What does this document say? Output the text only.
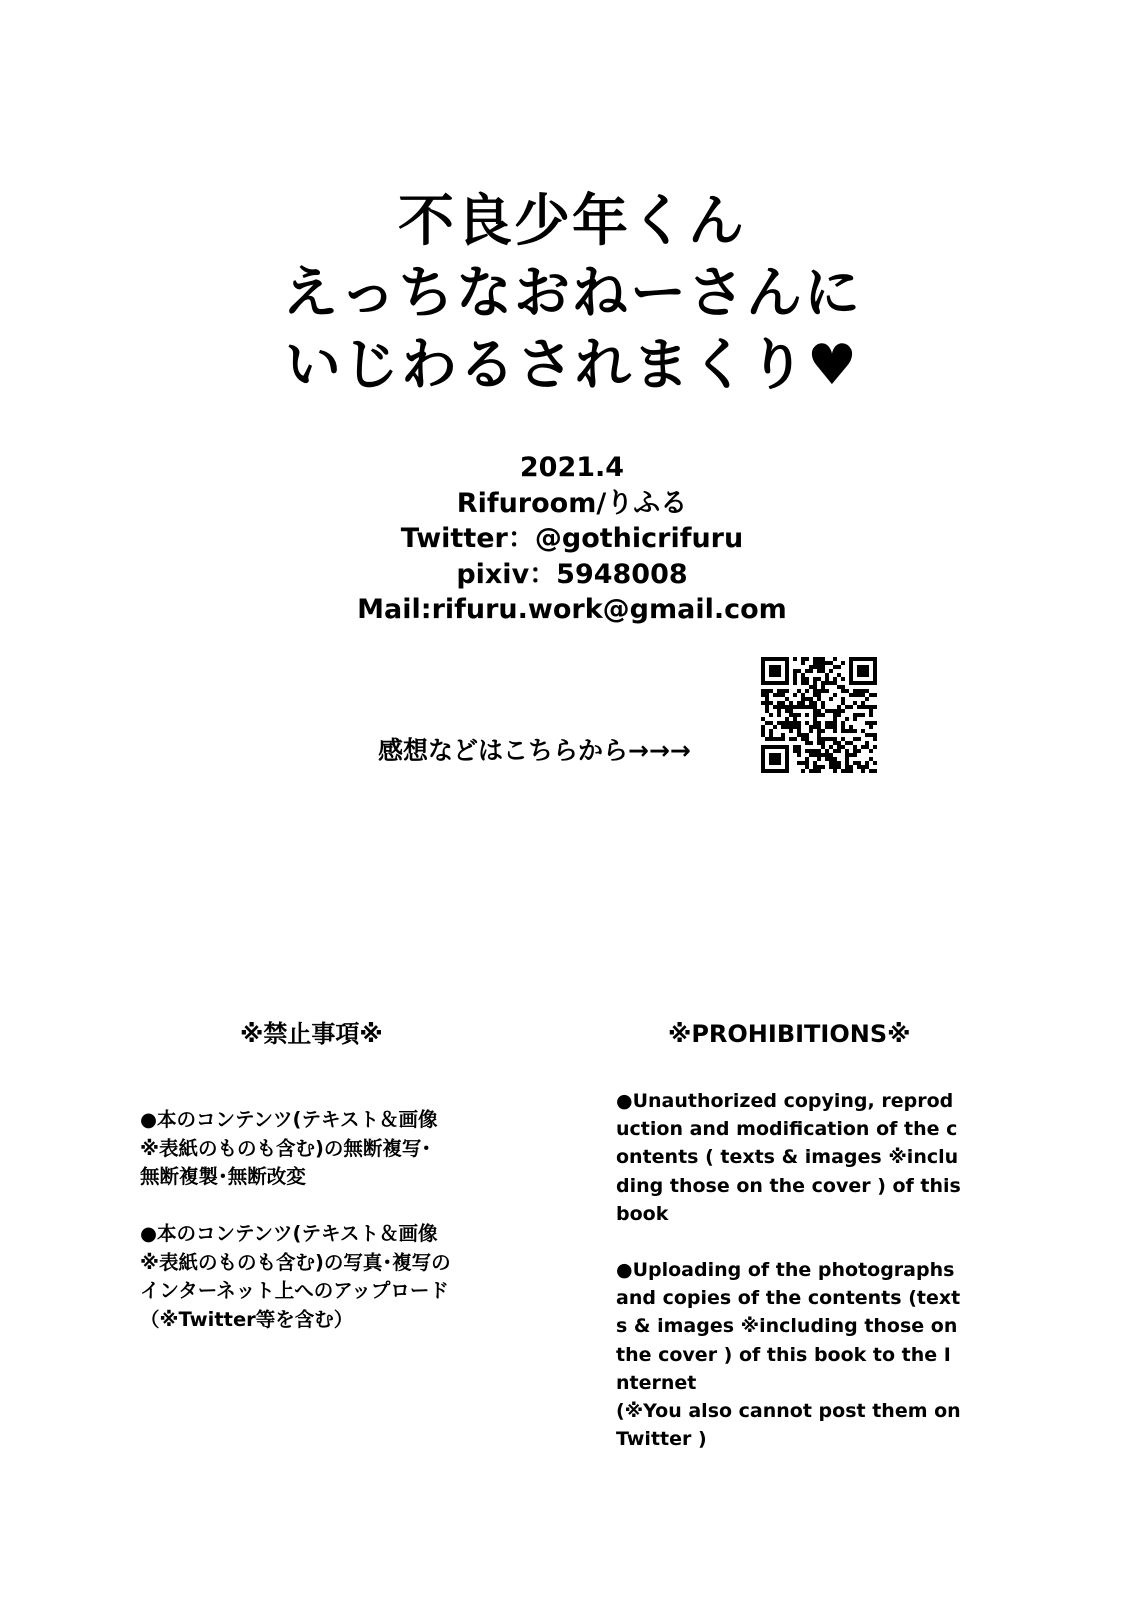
不良少年くん
えっちなおねーさんに
いじわるされまくり♥
2021.4
Rifuroom/りふる
Twitter：@gothicrifuru
pixiv：5948008
Mail:rifuru.work@gmail.com
感想などはこちらから→→→
※禁止事項※	※PROHIBITIONS※
●本のコンテンツ(テキスト＆画像
※表紙のものも含む)の無断複写･
無断複製･無断改変
●本のコンテンツ(テキスト＆画像
※表紙のものも含む)の写真･複写の
インターネット上へのアップロード
（※Twitter等を含む）
●Unauthorized copying, reprod
uction and modification of the c
ontents ( texts & images ※inclu
ding those on the cover ) of this
book
●Uploading of the photographs
and copies of the contents (text
s & images ※including those on
the cover ) of this book to the I
nternet
(※You also cannot post them on
Twitter )
